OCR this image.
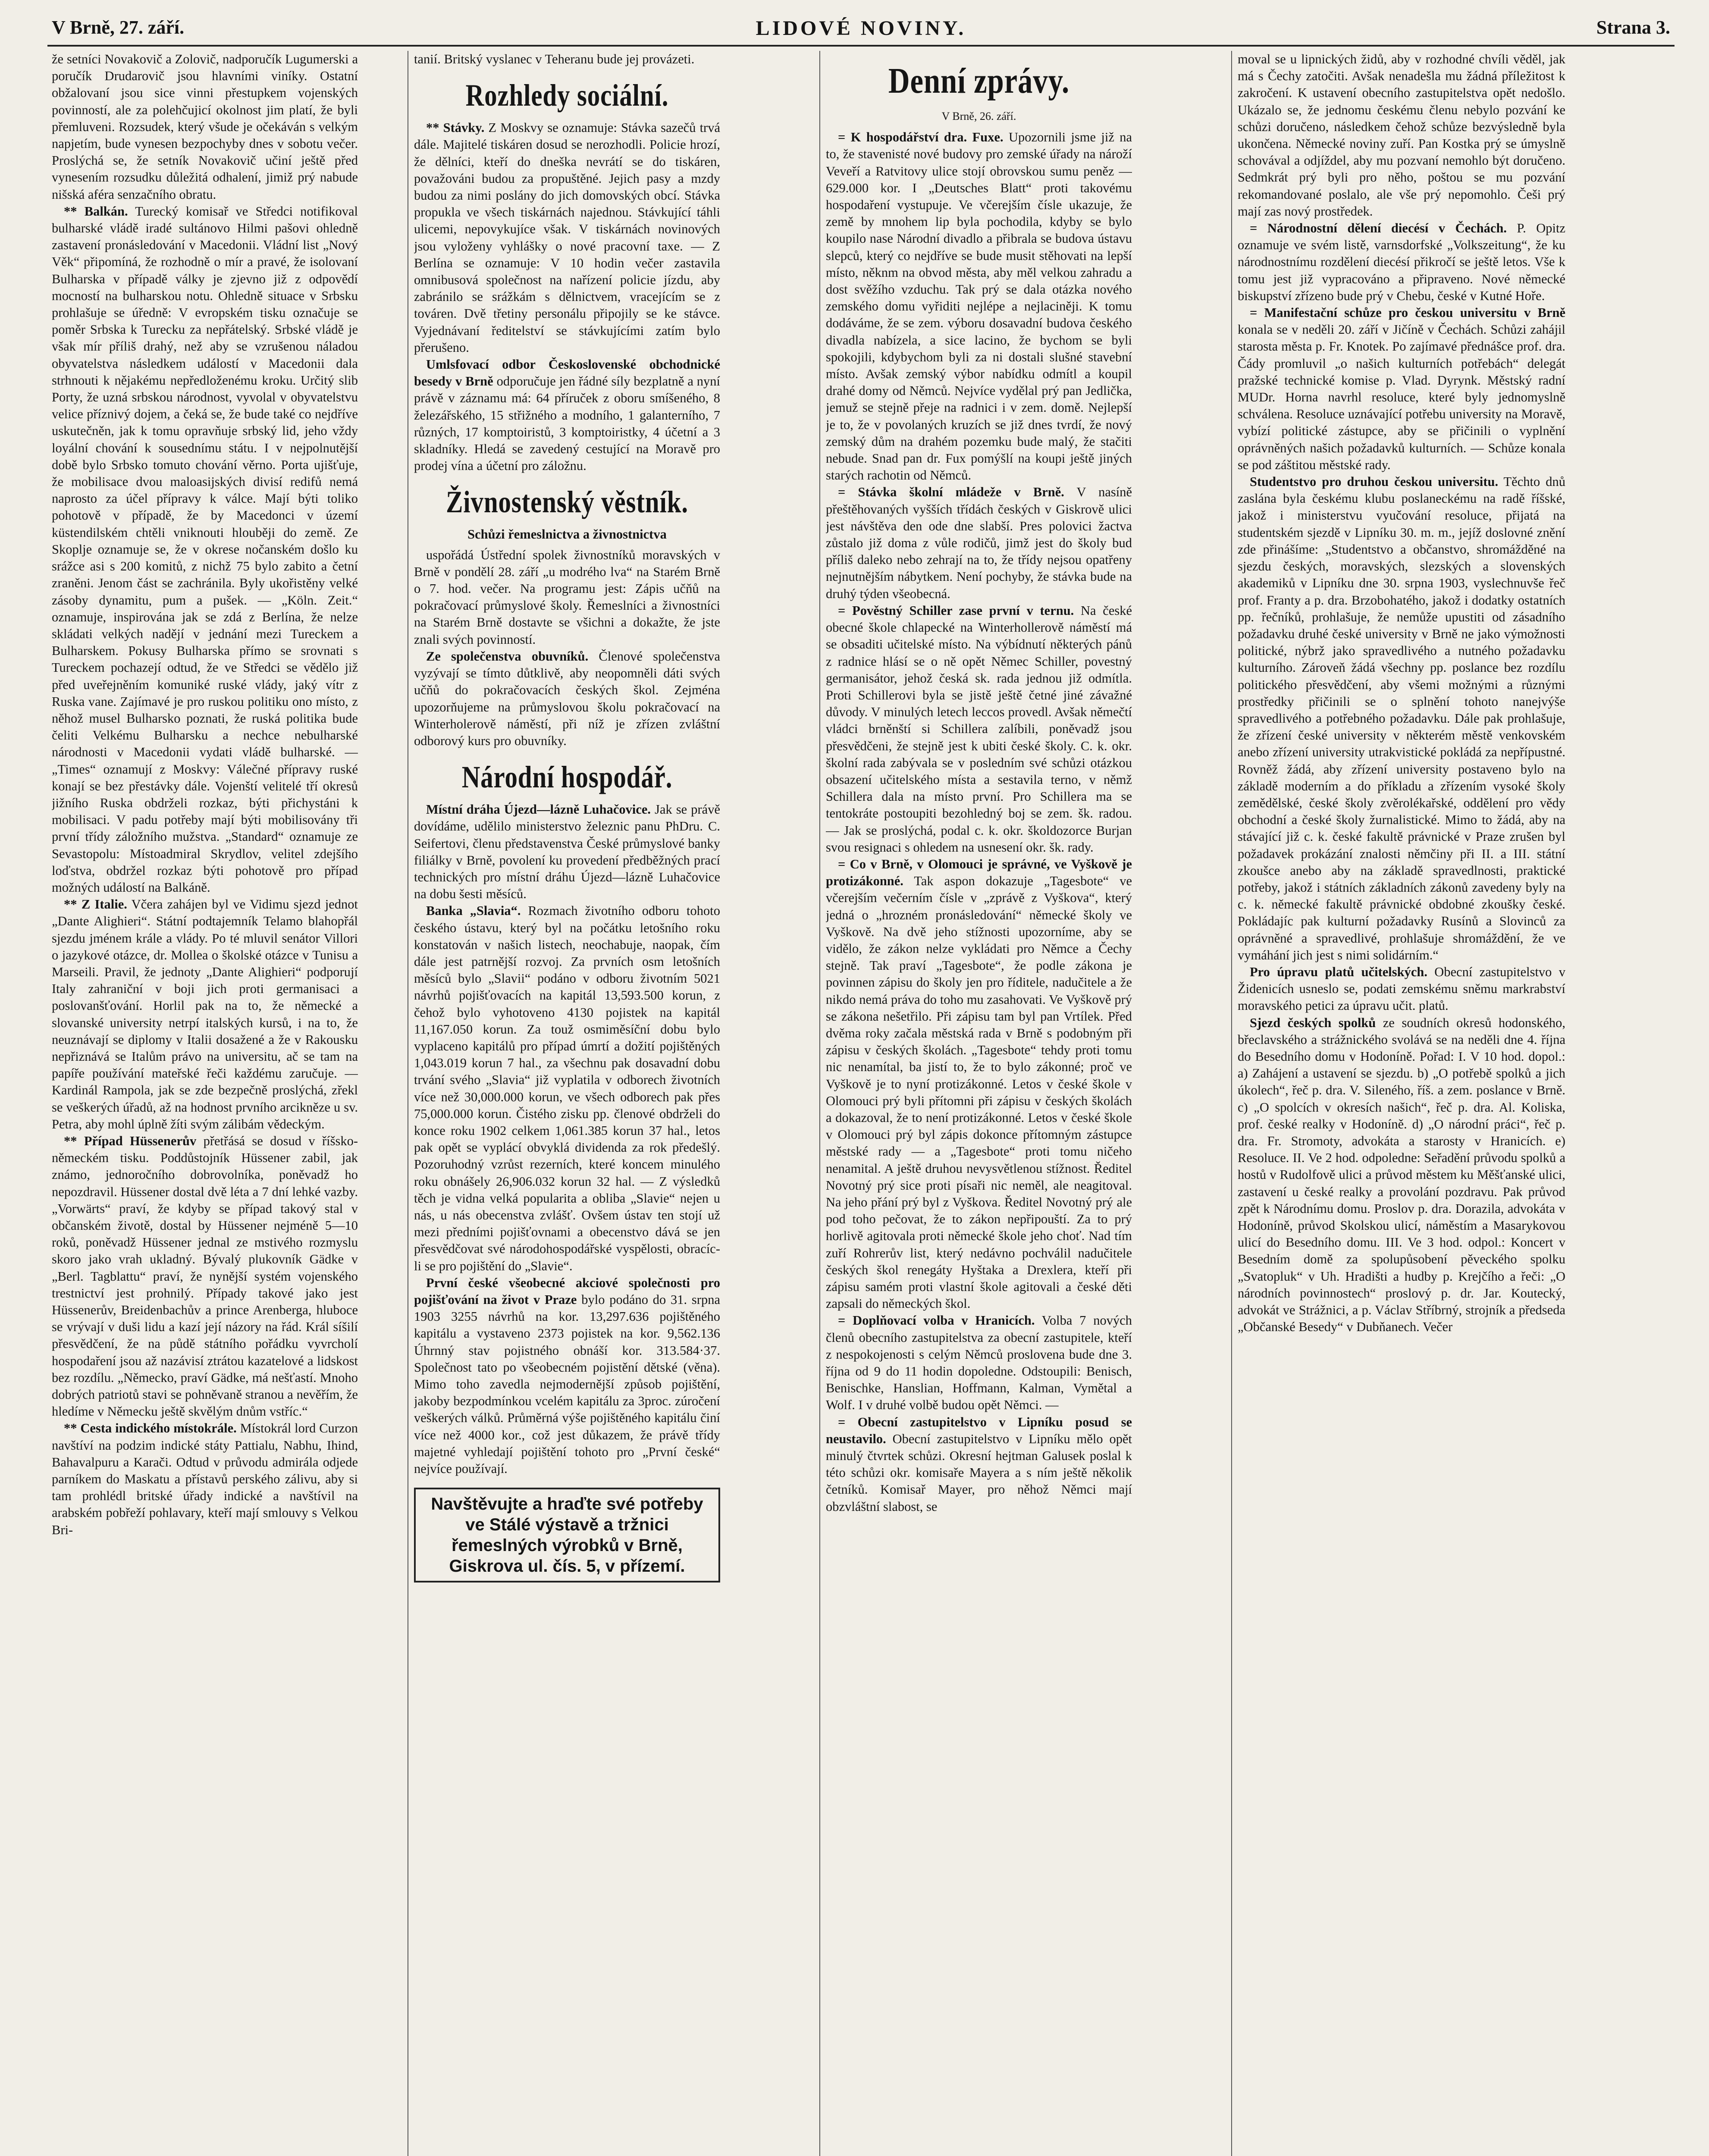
V Brně, 27. září.	LIDOVÉ NOVINY.	Strana 3.

že setníci Novakovič a Zolovič, nadporučík Lugumerski a poručík Drudarovič jsou hlavními viníky. Ostatní obžalovaní jsou sice vinni přestupkem vojenských povinností, ale za polehčujicí okolnost jim platí, že byli přemluveni. Rozsudek, který všude je očekáván s velkým napjetím, bude vynesen bezpochyby dnes v sobotu večer. Proslýchá se, že setník Novakovič učiní ještě před vynesením rozsudku důležitá odhalení, jimiž prý nabude nišská aféra senzačního obratu.

** Balkán. Turecký komisař ve Středci notifikoval bulharské vládě iradé sultánovo Hilmi pašovi ohledně zastavení pronásledování v Macedonii. Vládní list „Nový Věk“ připomíná, že rozhodně o mír a pravé, že isolovaní Bulharska v případě války je zjevno již z odpovědí mocností na bulharskou notu. Ohledně situace v Srbsku prohlašuje se úředně: V evropském tisku označuje se poměr Srbska k Turecku za nepřátelský. Srbské vládě je však mír příliš drahý, než aby se vzrušenou náladou obyvatelstva následkem událostí v Macedonii dala strhnouti k nějakému nepředloženému kroku. Určitý slib Porty, že uzná srbskou národnost, vyvolal v obyvatelstvu velice příznivý dojem, a čeká se, že bude také co nejdříve uskutečněn, jak k tomu opravňuje srbský lid, jeho vždy loyální chování k sousednímu státu. I v nejpolnutější době bylo Srbsko tomuto chování věrno. Porta ujišťuje, že mobilisace dvou maloasijských divisí redifů nemá naprosto za účel přípravy k válce. Mají býti toliko pohotově v případě, že by Macedonci v území küstendilském chtěli vniknouti hlouběji do země. Ze Skoplje oznamuje se, že v okrese nočanském došlo ku srážce asi s 200 komitů, z nichž 75 bylo zabito a četní zraněni. Jenom část se zachránila. Byly ukořistěny velké zásoby dynamitu, pum a pušek. — „Köln. Zeit.“ oznamuje, inspirována jak se zdá z Berlína, že nelze skládati velkých nadějí v jednání mezi Tureckem a Bulharskem. Pokusy Bulharska přímo se srovnati s Tureckem pochazejí odtud, že ve Středci se vědělo již před uveřejněním komuniké ruské vlády, jaký vítr z Ruska vane. Zajímavé je pro ruskou politiku ono místo, z něhož musel Bulharsko poznati, že ruská politika bude čeliti Velkému Bulharsku a nechce nebulharské národnosti v Macedonii vydati vládě bulharské. — „Times“ oznamují z Moskvy: Válečné přípravy ruské konají se bez přestávky dále. Vojenští velitelé tří okresů jižního Ruska obdrželi rozkaz, býti přichystáni k mobilisaci. V padu potřeby mají býti mobilisovány tři první třídy záložního mužstva. „Standard“ oznamuje ze Sevastopolu: Místoadmiral Skrydlov, velitel zdejšího loďstva, obdržel rozkaz býti pohotově pro případ možných událostí na Balkáně.

** Z Italie. Včera zahájen byl ve Vidimu sjezd jednot „Dante Alighieri“. Státní podtajemník Telamo blahopřál sjezdu jménem krále a vlády. Po té mluvil senátor Villori o jazykové otázce, dr. Mollea o školské otázce v Tunisu a Marseili. Pravil, že jednoty „Dante Alighieri“ podporují Italy zahraniční v boji jich proti germanisaci a poslovanšťování. Horlil pak na to, že německé a slovanské university netrpí italských kursů, i na to, že neuznávají se diplomy v Italii dosažené a že v Rakousku nepřiznává se Italům právo na universitu, ač se tam na papíře používání mateřské řeči každému zaručuje. — Kardinál Rampola, jak se zde bezpečně proslýchá, zřekl se veškerých úřadů, až na hodnost prvního arcikněze u sv. Petra, aby mohl úplně žíti svým zálibám vědeckým.

** Případ Hüssenerův přetřásá se dosud v říšsko-německém tisku. Poddůstojník Hüssener zabil, jak známo, jednoročního dobrovolníka, poněvadž ho nepozdravil. Hüssener dostal dvě léta a 7 dní lehké vazby. „Vorwärts“ praví, že kdyby se případ takový stal v občanském životě, dostal by Hüssener nejméně 5—10 roků, poněvadž Hüssener jednal ze mstivého rozmyslu skoro jako vrah ukladný. Bývalý plukovník Gädke v „Berl. Tagblattu“ praví, že nynější systém vojenského trestnictví jest prohnilý. Případy takové jako jest Hüssenerův, Breidenbachův a prince Arenberga, hluboce se vrývají v duši lidu a kazí její názory na řád. Král síšilí přesvědčení, že na půdě státního pořádku vyvrcholí hospodaření jsou až nazávisí ztrátou kazatelové a lidskost bez rozdílu. „Německo, praví Gädke, má nešťastí. Mnoho dobrých patriotů stavi se pohněvaně stranou a nevěřím, že hledíme v Německu ještě skvělým dnům vstříc.“

** Cesta indického místokrále. Místokrál lord Curzon navštíví na podzim indické státy Pattialu, Nabhu, Ihind, Bahavalpuru a Karači. Odtud v průvodu admirála odjede parníkem do Maskatu a přístavů perského zálivu, aby si tam prohlédl britské úřady indické a navštívil na arabském pobřeží pohlavary, kteří mají smlouvy s Velkou Bri-

tanií. Britský vyslanec v Teheranu bude jej provázeti.

Rozhledy sociální.

** Stávky. Z Moskvy se oznamuje: Stávka sazečů trvá dále. Majitelé tiskáren dosud se nerozhodli. Policie hrozí, že dělníci, kteří do dneška nevrátí se do tiskáren, považováni budou za propuštěné. Jejich pasy a mzdy budou za nimi poslány do jich domovských obcí. Stávka propukla ve všech tiskárnách najednou. Stávkující táhli ulicemi, nepovykujíce však. V tiskárnách novinových jsou vyloženy vyhlášky o nové pracovní taxe. — Z Berlína se oznamuje: V 10 hodin večer zastavila omnibusová společnost na nařízení policie jízdu, aby zabránilo se srážkám s dělnictvem, vracejícím se z továren. Dvě třetiny personálu připojily se ke stávce. Vyjednávaní ředitelství se stávkujícími zatím bylo přerušeno.

Umlsfovací odbor Československé obchodnické besedy v Brně odporučuje jen řádné síly bezplatně a nyní právě v záznamu má: 64 příruček z oboru smíšeného, 8 železářského, 15 střižného a modního, 1 galanterního, 7 různých, 17 komptoiristů, 3 komptoiristky, 4 účetní a 3 skladníky. Hledá se zavedený cestující na Moravě pro prodej vína a účetní pro záložnu.

Živnostenský věstník.

Schůzi řemeslnictva a živnostnictva

uspořádá Ústřední spolek živnostníků moravských v Brně v pondělí 28. září „u modrého lva“ na Starém Brně o 7. hod. večer. Na programu jest: Zápis učňů na pokračovací průmyslové školy. Řemeslníci a živnostníci na Starém Brně dostavte se všichni a dokažte, že jste znali svých povinností.

Ze společenstva obuvníků. Členové společenstva vyzývají se tímto důtklivě, aby neopomněli dáti svých učňů do pokračovacích českých škol. Zejména upozorňujeme na průmyslovou školu pokračovací na Winterholerově náměstí, při níž je zřízen zvláštní odborový kurs pro obuvníky.

Národní hospodář.

Místní dráha Újezd—lázně Luhačovice. Jak se právě dovídáme, udělilo ministerstvo železnic panu PhDru. C. Seifertovi, členu představenstva České průmyslové banky filiálky v Brně, povolení ku provedení předběžných prací technických pro místní dráhu Újezd—lázně Luhačovice na dobu šesti měsíců.

Banka „Slavia“. Rozmach životního odboru tohoto českého ústavu, který byl na počátku letošního roku konstatován v našich listech, neochabuje, naopak, čím dále jest patrnější rozvoj. Za prvních osm letošních měsíců bylo „Slavii“ podáno v odboru životním 5021 návrhů pojišťovacích na kapitál 13,593.500 korun, z čehož bylo vyhotoveno 4130 pojistek na kapitál 11,167.050 korun. Za touž osmiměsíční dobu bylo vyplaceno kapitálů pro případ úmrtí a dožití pojištěných 1,043.019 korun 7 hal., za všechnu pak dosavadní dobu trvání svého „Slavia“ již vyplatila v odborech životních více než 30,000.000 korun, ve všech odborech pak přes 75,000.000 korun. Čistého zisku pp. členové obdrželi do konce roku 1902 celkem 1,061.385 korun 37 hal., letos pak opět se vyplácí obvyklá dividenda za rok předešlý. Pozoruhodný vzrůst rezerních, které koncem minulého roku obnášely 26,906.032 korun 32 hal. — Z výsledků těch je vidna velká popularita a obliba „Slavie“ nejen u nás, u nás obecenstva zvlášť. Ovšem ústav ten stojí už mezi předními pojišťovnami a obecenstvo dává se jen přesvědčovat své národohospodářské vyspělosti, obracíc-li se pro pojištění do „Slavie“.

První české všeobecné akciové společnosti pro pojišťování na život v Praze bylo podáno do 31. srpna 1903 3255 návrhů na kor. 13,297.636 pojištěného kapitálu a vystaveno 2373 pojistek na kor. 9,562.136 Úhrnný stav pojistného obnáší kor. 313.584·37. Společnost tato po všeobecném pojistění dětské (věna). Mimo toho zavedla nejmodernější způsob pojištění, jakoby bezpodmínkou vcelém kapitálu za 3proc. zúročení veškerých válků. Průměrná výše pojištěného kapitálu činí více než 4000 kor., což jest důkazem, že právě třídy majetné vyhledají pojištění tohoto pro „První české“ nejvíce používají.

Navštěvujte a hraďte své potřeby ve Stálé výstavě a tržnici řemeslných výrobků v Brně, Giskrova ul. čís. 5, v přízemí.
Denní zprávy.

V Brně, 26. září.

= K hospodářství dra. Fuxe. Upozornili jsme již na to, že stavenisté nové budovy pro zemské úřady na nároží Veveří a Ratvitovy ulice stojí obrovskou sumu peněz — 629.000 kor. I „Deutsches Blatt“ proti takovému hospodaření vystupuje. Ve včerejším čísle ukazuje, že země by mnohem lip byla pochodila, kdyby se bylo koupilo nase Národní divadlo a přibrala se budova ústavu slepců, který co nejdříve se bude musit stěhovati na lepší místo, něknm na obvod města, aby měl velkou zahradu a dost svěžího vzduchu. Tak prý se dala otázka nového zemského domu vyřiditi nejlépe a nejlaciněji. K tomu dodáváme, že se zem. výboru dosavadní budova českého divadla nabízela, a sice lacino, že bychom se byli spokojili, kdybychom byli za ni dostali slušné stavební místo. Avšak zemský výbor nabídku odmítl a koupil drahé domy od Němců. Nejvíce vydělal prý pan Jedlička, jemuž se stejně přeje na radnici i v zem. domě. Nejlepší je to, že v povolaných kruzích se již dnes tvrdí, že nový zemský dům na drahém pozemku bude malý, že stačiti nebude. Snad pan dr. Fux pomýšlí na koupi ještě jiných starých rachotin od Němců.

= Stávka školní mládeže v Brně. V nasíně přeštěhovaných vyšších třídách českých v Giskrově ulici jest návštěva den ode dne slabší. Pres polovici žactva zůstalo již doma z vůle rodičů, jimž jest do školy bud příliš daleko nebo zehrají na to, že třídy nejsou opatřeny nejnutnějším nábytkem. Není pochyby, že stávka bude na druhý týden všeobecná.

= Pověstný Schiller zase první v ternu. Na české obecné škole chlapecké na Winterhollerově náměstí má se obsaditi učitelské místo. Na výbídnutí některých pánů z radnice hlásí se o ně opět Němec Schiller, povestný germanisátor, jehož česká sk. rada jednou již odmítla. Proti Schillerovi byla se jistě ještě četné jiné závažné důvody. V minulých letech leccos provedl. Avšak němečtí vládci brněnští si Schillera zalíbili, poněvadž jsou přesvědčeni, že stejně jest k ubiti české školy. C. k. okr. školní rada zabývala se v posledním své schůzi otázkou obsazení učitelského místa a sestavila terno, v němž Schillera dala na místo první. Pro Schillera ma se tentokráte postoupiti bezohledný boj se zem. šk. radou. — Jak se proslýchá, podal c. k. okr. školdozorce Burjan svou resignaci s ohledem na usnesení okr. šk. rady.

= Co v Brně, v Olomouci je správné, ve Vyškově je protizákonné. Tak aspon dokazuje „Tagesbote“ ve včerejším večerním čísle v „zprávě z Vyškova“, který jedná o „hrozném pronásledování“ německé školy ve Vyškově. Na dvě jeho stížnosti upozorníme, aby se vidělo, že zákon nelze vykládati pro Němce a Čechy stejně. Tak praví „Tagesbote“, že podle zákona je povinnen zápisu do školy jen pro říditele, nadučitele a že nikdo nemá práva do toho mu zasahovati. Ve Vyškově prý se zákona nešetřilo. Při zápisu tam byl pan Vrtílek. Před dvěma roky začala městská rada v Brně s podobným při zápisu v českých školách. „Tagesbote“ tehdy proti tomu nic nenamítal, ba jistí to, že to bylo zákonné; proč ve Vyškově je to nyní protizákonné. Letos v české škole v Olomouci prý byli přítomni při zápisu v českých školách a dokazoval, že to není protizákonné. Letos v české škole v Olomouci prý byl zápis dokonce přítomným zástupce městské rady — a „Tagesbote“ proti tomu ničeho nenamital. A ještě druhou nevysvětlenou stížnost. Ředitel Novotný prý sice proti písaři nic neměl, ale neagitoval. Na jeho přání prý byl z Vyškova. Ředitel Novotný prý ale pod toho pečovat, že to zákon nepřipouští. Za to prý horlivě agitovala proti německé škole jeho choť. Nad tím zuří Rohrerův list, který nedávno pochválil nadučitele českých škol renegáty Hyštaka a Drexlera, kteří při zápisu samém proti vlastní škole agitovali a české děti zapsali do německých škol.

= Doplňovací volba v Hranicích. Volba 7 nových členů obecního zastupitelstva za obecní zastupitele, kteří z nespokojenosti s celým Němců proslovena bude dne 3. října od 9 do 11 hodin dopoledne. Odstoupili: Benisch, Benischke, Hanslian, Hoffmann, Kalman, Vymětal a Wolf. I v druhé volbě budou opět Němci. —

= Obecní zastupitelstvo v Lipníku posud se neustavilo. Obecní zastupitelstvo v Lipníku mělo opět minulý čtvrtek schůzi. Okresní hejtman Galusek poslal k této schůzi okr. komisaře Mayera a s ním ještě několik četníků. Komisař Mayer, pro něhož Němci mají obzvláštní slabost, se

moval se u lipnických židů, aby v rozhodné chvíli věděl, jak má s Čechy zatočiti. Avšak nenadešla mu žádná příležitost k zakročení. K ustavení obecního zastupitelstva opět nedošlo. Ukázalo se, že jednomu českému členu nebylo pozvání ke schůzi doručeno, následkem čehož schůze bezvýsledně byla ukončena. Německé noviny zuří. Pan Kostka prý se úmyslně schovával a odjíždel, aby mu pozvaní nemohlo být doručeno. Sedmkrát prý byli pro něho, poštou se mu pozvání rekomandované poslalo, ale vše prý nepomohlo. Češi prý mají zas nový prostředek.

= Národnostní dělení diecésí v Čechách. P. Opitz oznamuje ve svém listě, varnsdorfské „Volkszeitung“, že ku národnostnímu rozdělení diecésí přikročí se ještě letos. Vše k tomu jest již vypracováno a připraveno. Nové německé biskupství zřízeno bude prý v Chebu, české v Kutné Hoře.

= Manifestační schůze pro českou universitu v Brně konala se v neděli 20. září v Jičíně v Čechách. Schůzi zahájil starosta města p. Fr. Knotek. Po zajímavé přednášce prof. dra. Čády promluvil „o našich kulturních potřebách“ delegát pražské technické komise p. Vlad. Dyrynk. Městský radní MUDr. Horna navrhl resoluce, které byly jednomyslně schválena. Resoluce uznávající potřebu university na Moravě, vybízí politické zástupce, aby se přičinili o vyplnění oprávněných našich požadavků kulturních. — Schůze konala se pod záštitou městské rady.

Studentstvo pro druhou českou universitu. Těchto dnů zaslána byla českému klubu poslaneckému na radě říšské, jakož i ministerstvu vyučování resoluce, přijatá na studentském sjezdě v Lipníku 30. m. m., jejíž doslovné znění zde přinášíme: „Studentstvo a občanstvo, shromážděné na sjezdu českých, moravských, slezských a slovenských akademiků v Lipníku dne 30. srpna 1903, vyslechnuvše řeč prof. Franty a p. dra. Brzobohatého, jakož i dodatky ostatních pp. řečníků, prohlašuje, že nemůže upustiti od zásadního požadavku druhé české university v Brně ne jako výmožnosti politické, nýbrž jako spravedlivého a nutného požadavku kulturního. Zároveň žádá všechny pp. poslance bez rozdílu politického přesvědčení, aby všemi možnými a různými prostředky přičinili se o splnění tohoto nanejvýše spravedlivého a potřebného požadavku. Dále pak prohlašuje, že zřízení české university v některém městě venkovském anebo zřízení university utrakvistické pokládá za nepřípustné. Rovněž žádá, aby zřízení university postaveno bylo na základě moderním a do příkladu a zřízením vysoké školy zemědělské, české školy zvěrolékařské, oddělení pro vědy obchodní a české školy žurnalistické. Mimo to žádá, aby na stávající již c. k. české fakultě právnické v Praze zrušen byl požadavek prokázání znalosti němčiny při II. a III. státní zkoušce anebo aby na základě spravedlnosti, praktické potřeby, jakož i státních základních zákonů zavedeny byly na c. k. německé fakultě právnické obdobné zkoušky české. Pokládajíc pak kulturní požadavky Rusínů a Slovinců za oprávněné a spravedlivé, prohlašuje shromáždění, že ve vymáhání jich jest s nimi solidárním.“

Pro úpravu platů učitelských. Obecní zastupitelstvo v Židenicích usneslo se, podati zemskému sněmu markrabství moravského petici za úpravu učit. platů.

Sjezd českých spolků ze soudních okresů hodonského, břeclavského a strážnického svolává se na neděli dne 4. října do Besedního domu v Hodoníně. Pořad: I. V 10 hod. dopol.: a) Zahájení a ustavení se sjezdu. b) „O potřebě spolků a jich úkolech“, řeč p. dra. V. Sileného, říš. a zem. poslance v Brně. c) „O spolcích v okresích našich“, řeč p. dra. Al. Koliska, prof. české realky v Hodoníně. d) „O národní práci“, řeč p. dra. Fr. Stromoty, advokáta a starosty v Hranicích. e) Resoluce. II. Ve 2 hod. odpoledne: Seřadění průvodu spolků a hostů v Rudolfově ulici a průvod městem ku Měšťanské ulici, zastavení u české realky a provolání pozdravu. Pak průvod zpět k Národnímu domu. Proslov p. dra. Dorazila, advokáta v Hodoníně, průvod Skolskou ulicí, náměstím a Masarykovou ulicí do Besedního domu. III. Ve 3 hod. odpol.: Koncert v Besedním domě za spolupůsobení pěveckého spolku „Svatopluk“ v Uh. Hradišti a hudby p. Krejčího a řeči: „O národních povinnostech“ proslový p. dr. Jar. Koutecký, advokát ve Strážnici, a p. Václav Stříbrný, strojník a předseda „Občanské Besedy“ v Dubňanech. Večer
